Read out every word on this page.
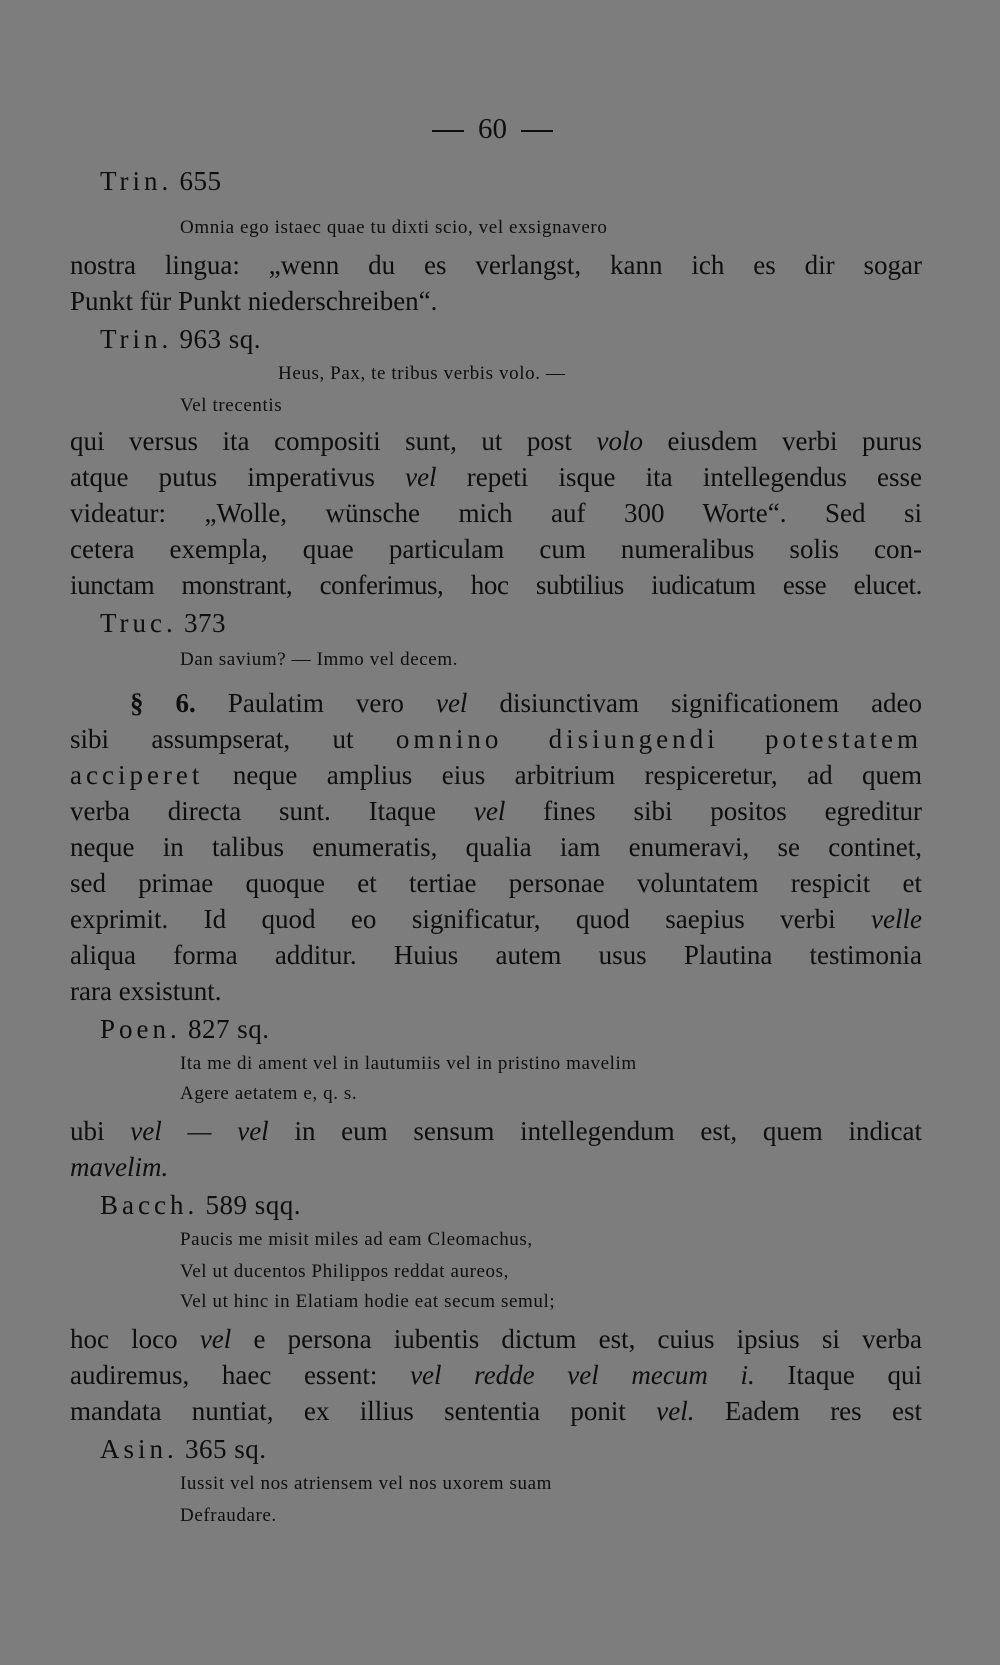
60
Trin. 655
Omnia ego istaec quae tu dixti scio, vel exsignavero
nostra lingua: „wenn du es verlangst, kann ich es dir sogar
Punkt für Punkt niederschreiben“.
Trin. 963 sq.
Heus, Pax, te tribus verbis volo. —
Vel trecentis
qui versus ita compositi sunt, ut post volo eiusdem verbi purus
atque putus imperativus vel repeti isque ita intellegendus esse
videatur: „Wolle, wünsche mich auf 300 Worte“. Sed si
cetera exempla, quae particulam cum numeralibus solis con-
iunctam monstrant, conferimus, hoc subtilius iudicatum esse elucet.
Truc. 373
Dan savium? — Immo vel decem.
§ 6. Paulatim vero vel disiunctivam significationem adeo
sibi assumpserat, ut omnino disiungendi potestatem
acciperet neque amplius eius arbitrium respiceretur, ad quem
verba directa sunt. Itaque vel fines sibi positos egreditur
neque in talibus enumeratis, qualia iam enumeravi, se continet,
sed primae quoque et tertiae personae voluntatem respicit et
exprimit. Id quod eo significatur, quod saepius verbi velle
aliqua forma additur. Huius autem usus Plautina testimonia
rara exsistunt.
Poen. 827 sq.
Ita me di ament vel in lautumiis vel in pristino mavelim
Agere aetatem e, q. s.
ubi vel — vel in eum sensum intellegendum est, quem indicat
mavelim.
Bacch. 589 sqq.
Paucis me misit miles ad eam Cleomachus,
Vel ut ducentos Philippos reddat aureos,
Vel ut hinc in Elatiam hodie eat secum semul;
hoc loco vel e persona iubentis dictum est, cuius ipsius si verba
audiremus, haec essent: vel redde vel mecum i. Itaque qui
mandata nuntiat, ex illius sententia ponit vel. Eadem res est
Asin. 365 sq.
Iussit vel nos atriensem vel nos uxorem suam
Defraudare.
